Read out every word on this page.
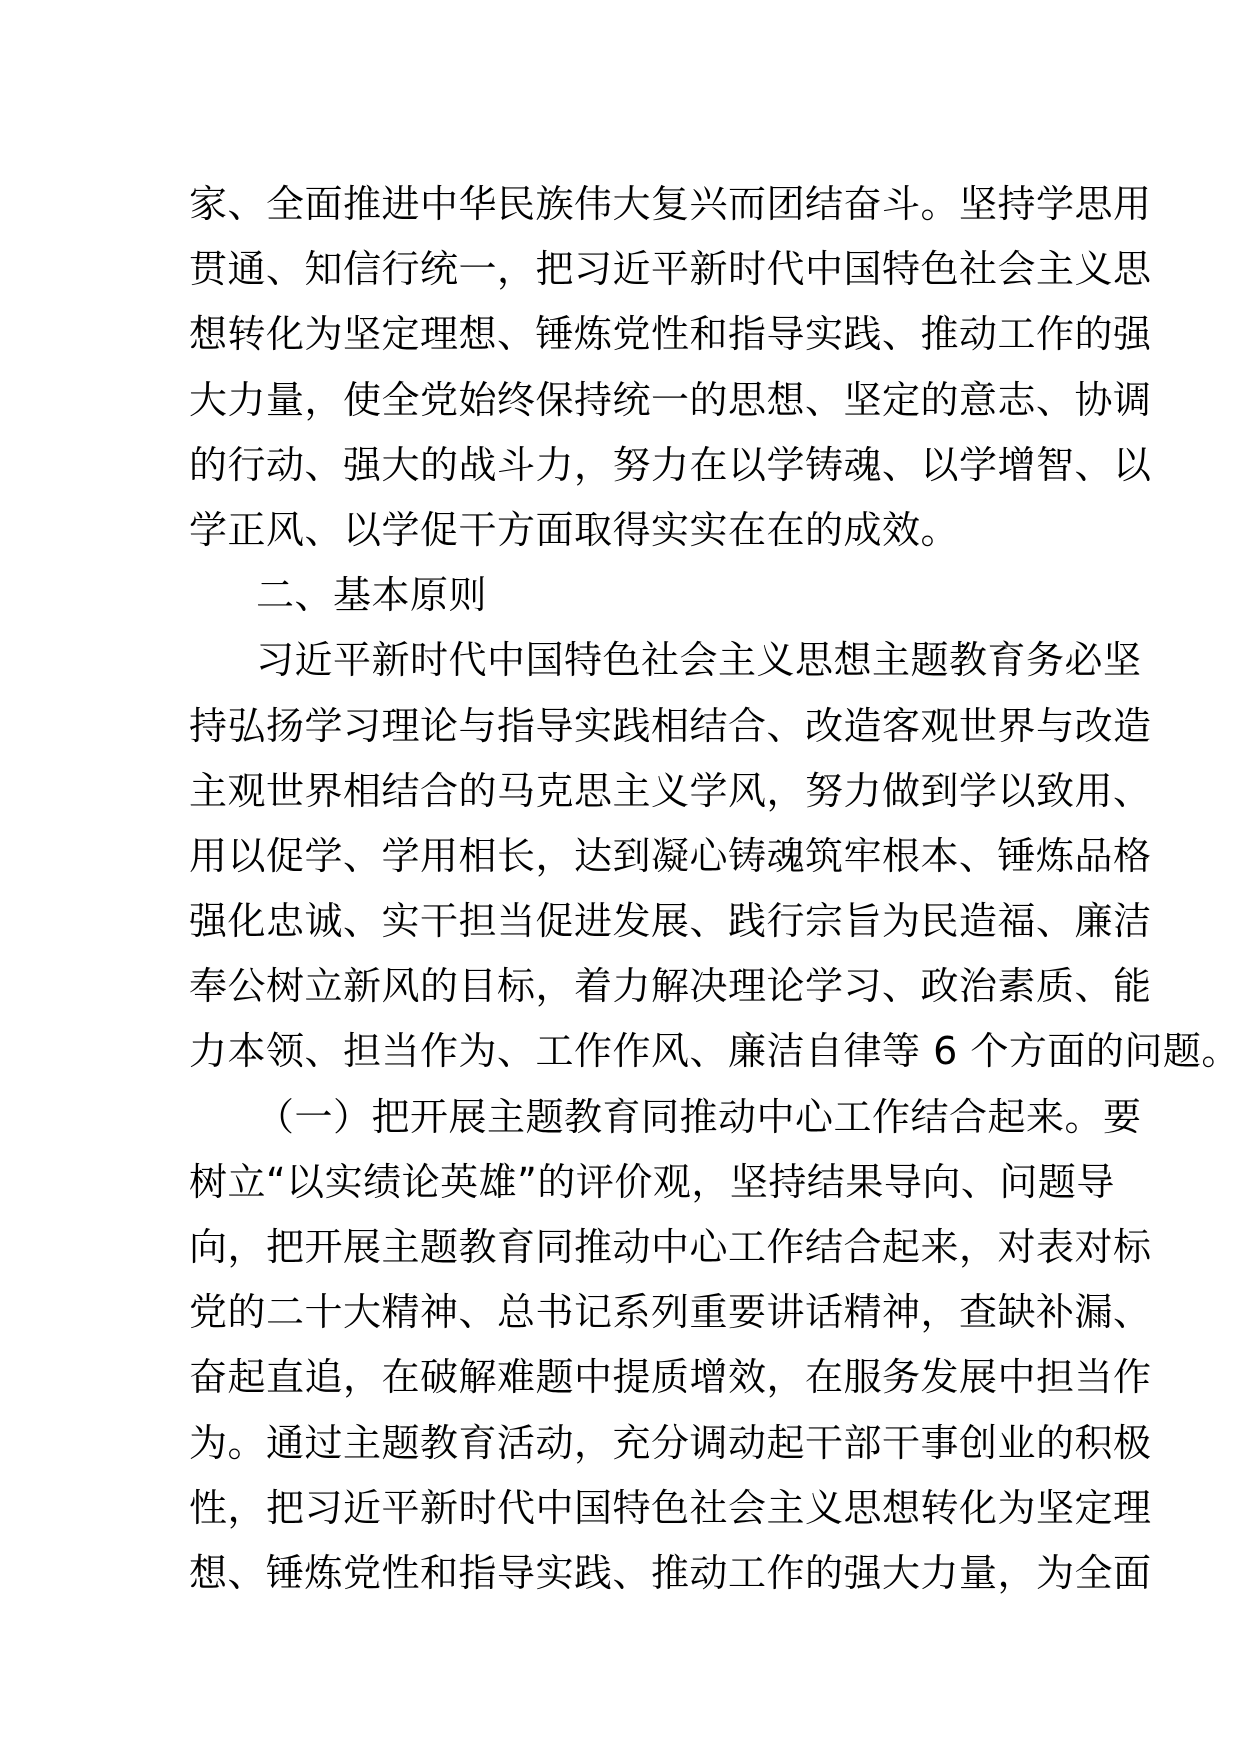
家、全面推进中华民族伟大复兴而团结奋斗。坚持学思用
贯通、知信行统一，把习近平新时代中国特色社会主义思
想转化为坚定理想、锤炼党性和指导实践、推动工作的强
大力量，使全党始终保持统一的思想、坚定的意志、协调
的行动、强大的战斗力，努力在以学铸魂、以学增智、以
学正风、以学促干方面取得实实在在的成效。
二、基本原则
习近平新时代中国特色社会主义思想主题教育务必坚
持弘扬学习理论与指导实践相结合、改造客观世界与改造
主观世界相结合的马克思主义学风，努力做到学以致用、
用以促学、学用相长，达到凝心铸魂筑牢根本、锤炼品格
强化忠诚、实干担当促进发展、践行宗旨为民造福、廉洁
奉公树立新风的目标，着力解决理论学习、政治素质、能
力本领、担当作为、工作作风、廉洁自律等 6 个方面的问题。
（一）把开展主题教育同推动中心工作结合起来。要
树立“以实绩论英雄”的评价观，坚持结果导向、问题导
向，把开展主题教育同推动中心工作结合起来，对表对标
党的二十大精神、总书记系列重要讲话精神，查缺补漏、
奋起直追，在破解难题中提质增效，在服务发展中担当作
为。通过主题教育活动，充分调动起干部干事创业的积极
性，把习近平新时代中国特色社会主义思想转化为坚定理
想、锤炼党性和指导实践、推动工作的强大力量，为全面
